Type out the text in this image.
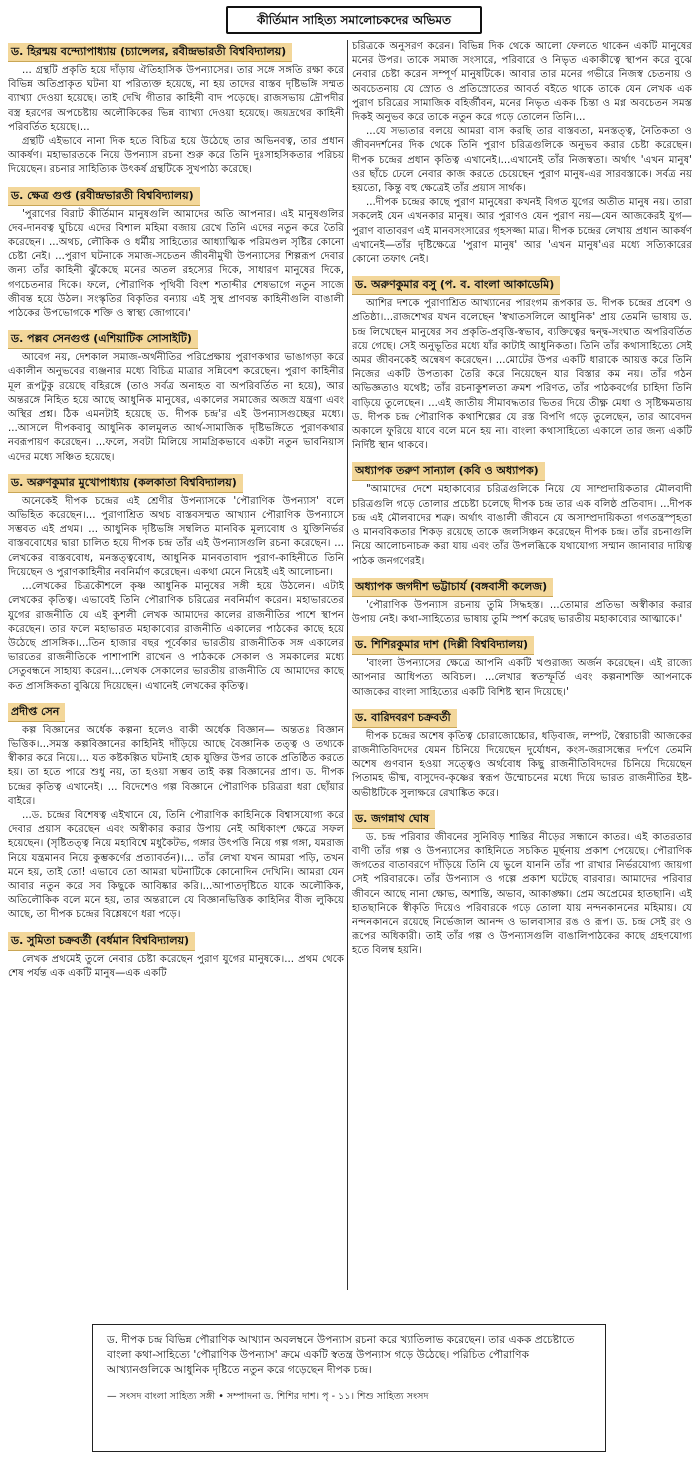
কীর্তিমান সাহিত্য সমালোচকদের অভিমত
ড. হিরন্ময় বন্দ্যোপাধ্যায় (চ্যান্সেলর, রবীন্দ্রভারতী বিশ্ববিদ্যালয়)

... গ্রন্থটি প্রকৃতি হয়ে দাঁড়ায় ঐতিহাসিক উপন্যাসের। তার সঙ্গে সঙ্গতি রক্ষা করে বিভিন্ন অতিপ্রাকৃত ঘটনা যা পরিত্যক্ত হয়েছে, না হয় তাদের বাস্তব দৃষ্টিভঙ্গি সম্মত ব্যাখ্যা দেওয়া হয়েছে। তাই দেখি গীতার কাহিনী বাদ পড়েছে। রাজসভায় দ্রৌপদীর বস্ত্র হরণের অপচেষ্টায় অলৌকিকের ভিন্ন ব্যাখ্যা দেওয়া হয়েছে। জয়দ্রথের কাহিনী পরিবর্তিত হয়েছে।...

গ্রন্থটি এইভাবে নানা দিক হতে বিচিত্র হয়ে উঠেছে তার অভিনবত্ব, তার প্রধান আকর্ষণ। মহাভারতকে নিয়ে উপন্যাস রচনা শুরু করে তিনি দুঃসাহসিকতার পরিচয় দিয়েছেন। রচনার সাহিত্যিক উৎকর্ষ গ্রন্থটিকে সুখপাঠ্য করেছে।

ড. ক্ষেত্র গুপ্ত (রবীন্দ্রভারতী বিশ্ববিদ্যালয়)

'পুরাণের বিরাট কীর্তিমান মানুষগুলি আমাদের অতি আপনার। এই মানুষগুলির দেব-দানবত্ব ঘুচিয়ে এদের বিশাল মহিমা বজায় রেখে তিনি এদের নতুন করে তৈরি করেছেন। ...অথচ, লৌকিক ও ধর্মীয় সাহিত্যের আধ্যাত্মিক পরিমণ্ডল সৃষ্টির কোনো চেষ্টা নেই। ...পুরাণ ঘটনাকে সমাজ-সচেতন জীবনীমুখী উপন্যাসের শিল্পরূপ দেবার জন্য তাঁর কাহিনী ঝুঁকেছে মনের অতল রহস্যের দিকে, সাধারণ মানুষের দিকে, গণচেতনার দিকে। ফলে, পৌরাণিক পৃথিবী বিংশ শতাব্দীর শেষভাগে নতুন সাজে জীবন্ত হয়ে উঠল। সংস্কৃতির বিকৃতির বন্যায় এই সুস্থ প্রাণবন্ত কাহিনীগুলি বাঙালী পাঠকের উপভোগকে শক্তি ও স্বাস্থ্য জোগাবে।'

ড. পল্লব সেনগুপ্ত (এশিয়াটিক সোসাইটি)

আবেগ নয়, দেশকাল সমাজ-অর্থনীতির পরিপ্রেক্ষায় পুরাণকথার ভাঙাগড়া করে একালীন অনুভবের ব্যঞ্জনার মধ্যে বিচিত্র মাত্রার সন্নিবেশ করেছেন। পুরাণ কাহিনীর মূল রূপটুকু রয়েছে বহিরঙ্গে (তাও সর্বত্র অনাহত বা অপরিবর্তিত না হয়ে), আর অন্তরঙ্গে নিহিত হয়ে আছে আধুনিক মানুষের, একালের সমাজের অজস্র যন্ত্রণা এবং অস্থির প্রশ্ন। ঠিক এমনটাই হয়েছে ড. দীপক চন্দ্র'র এই উপন্যাসগুচ্ছের মধ্যে। ...আসলে দীপকবাবু আধুনিক কালমুলত আর্থ-সামাজিক দৃষ্টিভঙ্গিতে পুরাণকথার নবরূপায়ণ করেছেন। ...ফলে, সবটা মিলিয়ে সামগ্রিকভাবে একটা নতুন ভাবনিয়াস এদের মধ্যে সঞ্চিত হয়েছে।

ড. অরুণকুমার মুখোপাধ্যায় (কলকাতা বিশ্ববিদ্যালয়)

অনেকেই দীপক চন্দ্রের এই শ্রেণীর উপন্যাসকে 'পৌরাণিক উপন্যাস' বলে অভিহিত করেছেন।... পুরাণাশ্রিত অথচ বাস্তবসম্মত আখ্যান পৌরাণিক উপন্যাসে সম্ভবত এই প্রথম। ... আধুনিক দৃষ্টিভঙ্গি সম্বলিত মানবিক মূল্যবোধ ও যুক্তিনির্ভর বাস্তববোধের দ্বারা চালিত হয়ে দীপক চন্দ্র তাঁর এই উপন্যাসগুলি রচনা করেছেন। ... লেখকের বাস্তববোধ, মনস্তত্ত্ববোধ, আধুনিক মানবতাবাদ পুরাণ-কাহিনীতে তিনি দিয়েছেন ও পুরাণকাহিনীর নবনির্মাণ করেছেন। একথা মেনে নিয়েই এই আলোচনা।

...লেখকের চিত্রকৌশলে কৃষ্ণ আধুনিক মানুষের সঙ্গী হয়ে উঠলেন। এটাই লেখকের কৃতিত্ব। এভাবেই তিনি পৌরাণিক চরিত্রের নবনির্মাণ করেন। মহাভারতের যুগের রাজনীতি যে এই কুশলী লেখক আমাদের কালের রাজনীতির পাশে স্থাপন করেছেন। তার ফলে মহাভারত মহাকাব্যের রাজনীতি একালের পাঠকের কাছে হয়ে উঠেছে প্রাসঙ্গিক।...তিন হাজার বছর পূর্বেকার ভারতীয় রাজনীতিক সঙ্গ একালের ভারতের রাজনীতিকে পাশাপাশি রাখেন ও পাঠককে সেকাল ও সমকালের মধ্যে সেতুবন্ধনে সাহায্য করেন।...লেখক সেকালের ভারতীয় রাজনীতি যে আমাদের কাছে কত প্রাসঙ্গিকতা বুঝিয়ে দিয়েছেন। এখানেই লেখকের কৃতিত্ব।

প্রদীপ্ত সেন

কল্প বিজ্ঞানের অর্ধেক কল্পনা হলেও বাকী অর্ধেক বিজ্ঞান— অন্ততঃ বিজ্ঞান ভিত্তিক।...সমস্ত কল্পবিজ্ঞানের কাহিনিই দাঁড়িয়ে আছে বৈজ্ঞানিক তত্ত্ব ও তথ্যকে স্বীকার করে নিয়ে।... যত কষ্টকল্পিত ঘটনাই হোক যুক্তির উপর তাকে প্রতিষ্ঠিত করতে হয়। তা হতে পারে শুধু নয়, তা হওয়া সম্ভব তাই কল্প বিজ্ঞানের প্রাণ। ড. দীপক চন্দ্রের কৃতিত্ব এখানেই। ... বিদেশেও গল্প বিজ্ঞানে পৌরাণিক চরিত্ররা ধরা ছোঁয়ার বাইরে।

...ড. চন্দ্রের বিশেষত্ব এইখানে যে, তিনি পৌরাণিক কাহিনিকে বিশ্বাসযোগ্য করে দেবার প্রয়াস করেছেন এবং অস্বীকার করার উপায় নেই অধিকাংশ ক্ষেত্রে সফল হয়েছেন। (সৃষ্টিতত্ত্ব নিয়ে মহাবিশ্বে মধুকৈটভ, গঙ্গার উৎপত্তি নিয়ে গল্প গঙ্গা, যমরাজ নিয়ে যন্ত্রমানব নিয়ে কুম্ভকর্ণের প্রত্যাবর্তন)।... তাঁর লেখা যখন আমরা পড়ি, তখন মনে হয়, তাই তো! এভাবে তো আমরা ঘটনাটিকে কোনোদিন দেখিনি। আমরা যেন আবার নতুন করে সব কিছুকে আবিষ্কার করি।...আপাতদৃষ্টিতে যাকে অলৌকিক, অতিলৌকিক বলে মনে হয়, তার অন্তরালে যে বিজ্ঞানভিত্তিক কাহিনির বীজ লুকিয়ে আছে, তা দীপক চন্দ্রের বিশ্লেষণে ধরা পড়ে।

ড. সুমিতা চক্রবর্তী (বর্ধমান বিশ্ববিদ্যালয়)

লেখক প্রথমেই তুলে নেবার চেষ্টা করেছেন পুরাণ যুগের মানুষকে।... প্রথম থেকে শেষ পর্যন্ত এক একটি মানুষ—এক একটি

চরিত্রকে অনুসরণ করেন। বিভিন্ন দিক থেকে আলো ফেলতে থাকেন একটি মানুষের মনের উপর। তাকে সমাজ সংসারে, পরিবারে ও নিভৃত একাকীত্বে স্থাপন করে বুঝে নেবার চেষ্টা করেন সম্পূর্ণ মানুষটিকে। আবার তার মনের গভীরে নিজস্ব চেতনায় ও অবচেতনায় যে স্রোত ও প্রতিস্রোতের আবর্ত বইতে থাকে তাকে যেন লেখক এক পুরাণ চরিত্রের সামাজিক বহির্জীবন, মনের নিভৃত একক চিন্তা ও মগ্ন অবচেতন সমস্ত দিকই অনুভব করে তাকে নতুন করে গড়ে তোলেন তিনি।...

...যে সভ্যতার বলয়ে আমরা বাস করছি তার বাস্তবতা, মনস্তত্ত্ব, নৈতিকতা ও জীবনদর্শনের দিক থেকে তিনি পুরাণ চরিত্রগুলিকে অনুভব করার চেষ্টা করেছেন। দীপক চন্দ্রের প্রধান কৃতিত্ব এখানেই।...এখানেই তাঁর নিজস্বতা। অর্থাৎ 'এখন মানুষ' ওর ছাঁচে ঢেলে নেবার কাজ করতে চেয়েছেন পুরাণ মানুষ-এর সারবস্তাকে। সর্বত্র নয় হয়তো, কিন্তু বহু ক্ষেত্রেই তাঁর প্রয়াস সার্থক।

...দীপক চন্দ্রের কাছে পুরাণ মানুষেরা কখনই বিগত যুগের অতীত মানুষ নয়। তারা সকলেই যেন এখনকার মানুষ। আর পুরাণও যেন পুরাণ নয়—যেন আজকেরই যুগ—পুরাণ বাতাবরণ এই মানবসংসারের গৃহসজ্জা মাত্র। দীপক চন্দ্রের লেখায় প্রধান আকর্ষণ এখানেই—তাঁর দৃষ্টিক্ষেত্রে 'পুরাণ মানুষ' আর 'এখন মানুষ'এর মধ্যে সত্যিকারের কোনো তফাৎ নেই।

ড. অরুণকুমার বসু (প. ব. বাংলা আকাডেমি)

আশির দশকে পুরাণাশ্রিত আখ্যানের পারংগম রূপকার ড. দীপক চন্দ্রের প্রবেশ ও প্রতিষ্ঠা।...রাজশেখর যখন বলেছেন 'স্বখাতসলিলে আধুনিক' প্রায় তেমনি ভাষায় ড. চন্দ্র লিখেছেন মানুষের সব প্রকৃতি-প্রবৃত্তি-স্বভাব, ব্যক্তিত্বের দ্বন্দ্ব-সংঘাত অপরিবর্তিত রয়ে গেছে। সেই অনুভূতির মধ্যে যাঁর কাটাই আধুনিকতা। তিনি তাঁর কথাসাহিত্যে সেই অমর জীবনকেই অন্বেষণ করেছেন। ...মোটের উপর একটি ধারাকে আয়ত্ত করে তিনি নিজের একটি উপত্যকা তৈরি করে নিয়েছেন যার বিস্তার কম নয়। তাঁর গঠন অভিজ্ঞতাও যথেষ্ট; তাঁর রচনাকুশলতা ক্রমশ পরিণত, তাঁর পাঠকবর্গের চাহিদা তিনি বাড়িয়ে তুলেছেন। ...এই জাতীয় সীমাবদ্ধতার ভিতর দিয়ে তীক্ষ্ণ মেধা ও সৃষ্টিক্ষমতায় ড. দীপক চন্দ্র পৌরাণিক কথাশিল্পের যে রস্ত বিপণি গড়ে তুলেছেন, তার আবেদন অকালে ফুরিয়ে যাবে বলে মনে হয় না। বাংলা কথাসাহিত্যে একালে তার জন্য একটি নির্দিষ্ট স্থান থাকবে।

অধ্যাপক তরুণ সান্যাল (কবি ও অধ্যাপক)

"আমাদের দেশে মহাকাব্যের চরিত্রগুলিকে নিয়ে যে সাম্প্রদায়িকতার মৌলবাদী চরিত্রগুলি গড়ে তোলার প্রচেষ্টা চলেছে দীপক চন্দ্র তার এক বলিষ্ঠ প্রতিবাদ। ...দীপক চন্দ্র এই মৌলবাদের শত্রু। অর্থাৎ বাঙালী জীবনে যে অসাম্প্রদায়িকতা গণতন্ত্রস্পৃহতা ও মানববিকতার শিকড় রয়েছে তাকে জলসিঞ্চন করেছেন দীপক চন্দ্র। তাঁর রচনাগুলি নিয়ে আলোচনাচক্র করা যায় এবং তাঁর উপলব্ধিকে যথাযোগ্য সম্মান জানাবার দায়িত্ব পাঠক জনগণেরই।

অধ্যাপক জগদীশ ভট্টাচার্য (বঙ্গবাসী কলেজ)

'পৌরাণিক উপন্যাস রচনায় তুমি সিদ্ধহস্ত। ...তোমার প্রতিভা অস্বীকার করার উপায় নেই। কথা-সাহিত্যের ভাষায় তুমি স্পর্শ করেছ ভারতীয় মহাকাব্যের আত্মাকে।'

ড. শিশিরকুমার দাশ (দিল্লী বিশ্ববিদ্যালয়)

'বাংলা উপন্যাসের ক্ষেত্রে আপনি একটি খণ্ডরাজ্য অর্জন করেছেন। এই রাজ্যে আপনার আধিপত্য অবিচল। ...লেখার স্বতস্ফূর্তি এবং কল্পনাশক্তি আপনাকে আজকের বাংলা সাহিত্যের একটি বিশিষ্ট স্থান দিয়েছে।'

ড. বারিদবরণ চক্রবর্তী

দীপক চন্দ্রের অশেষ কৃতিত্ব চোরাজোচ্চোর, ধড়িবাজ, লম্পট, স্বৈরাচারী আজকের রাজনীতিবিদদের যেমন চিনিয়ে দিয়েছেন দুর্যোধন, কংস-জরাসন্ধের দর্পণে তেমনি অশেষ গুণবান হওয়া সত্ত্বেও অর্থবোধ কিছু রাজনীতিবিদদের চিনিয়ে দিয়েছেন পিতামহ ভীষ্ম, বাসুদেব-কৃষ্ণের স্বরূপ উম্মোচনের মধ্যে দিয়ে ভারত রাজনীতির ইষ্ট-অভীষ্টটিকে সুলাক্ষরে রেখাঙ্কিত করে।

ড. জগন্নাথ ঘোষ

ড. চন্দ্র পরিবার জীবনের সুনিবিড় শান্তির নীড়ের সন্ধানে কাতর। এই কাতরতার বাণী তাঁর গল্প ও উপন্যাসের কাহিনিতে সচকিত মূর্ছনায় প্রকাশ পেয়েছে। পৌরাণিক জগতের বাতাবরণে দাঁড়িয়ে তিনি যে ভুলে যাননি তাঁর পা রাখার নির্ভরযোগ্য জায়গা সেই পরিবারকে। তাঁর উপন্যাস ও গল্পে প্রকাশ ঘটেছে বারবার। আমাদের পরিবার জীবনে আছে নানা ক্ষোভ, অশান্তি, অভাব, আকাঙ্ক্ষা। প্রেম অপ্রেমের হাতছানি। এই হাতছানিকে স্বীকৃতি দিয়েও পরিবারকে গড়ে তোলা যায় নন্দনকাননের মহিমায়। যে নন্দনকাননে রয়েছে নির্ভেজাল আনন্দ ও ভালবাসার রঙ ও রূপ। ড. চন্দ্র সেই রং ও রূপের অধিকারী। তাই তাঁর গল্প ও উপন্যাসগুলি বাঙালিপাঠকের কাছে গ্রহণযোগ্য হতে বিলম্ব হয়নি।

ড. দীপক চন্দ্র বিভিন্ন পৌরাণিক আখ্যান অবলম্বনে উপন্যাস রচনা করে খ্যাতিলাভ করেছেন। তার একক প্রচেষ্টাতে বাংলা কথা-সাহিত্যে 'পৌরাণিক উপন্যাস' ক্রমে একটি স্বতন্ত্র উপন্যাস গড়ে উঠেছে। পরিচিত পৌরাণিক আখ্যানগুলিকে আধুনিক দৃষ্টিতে নতুন করে গড়েছেন দীপক চন্দ্র।

— সংসদ বাংলা সাহিত্য সঙ্গী • সম্পাদনা ড. শিশির দাশ। পৃ - ১১। শিশু সাহিত্য সংসদ
